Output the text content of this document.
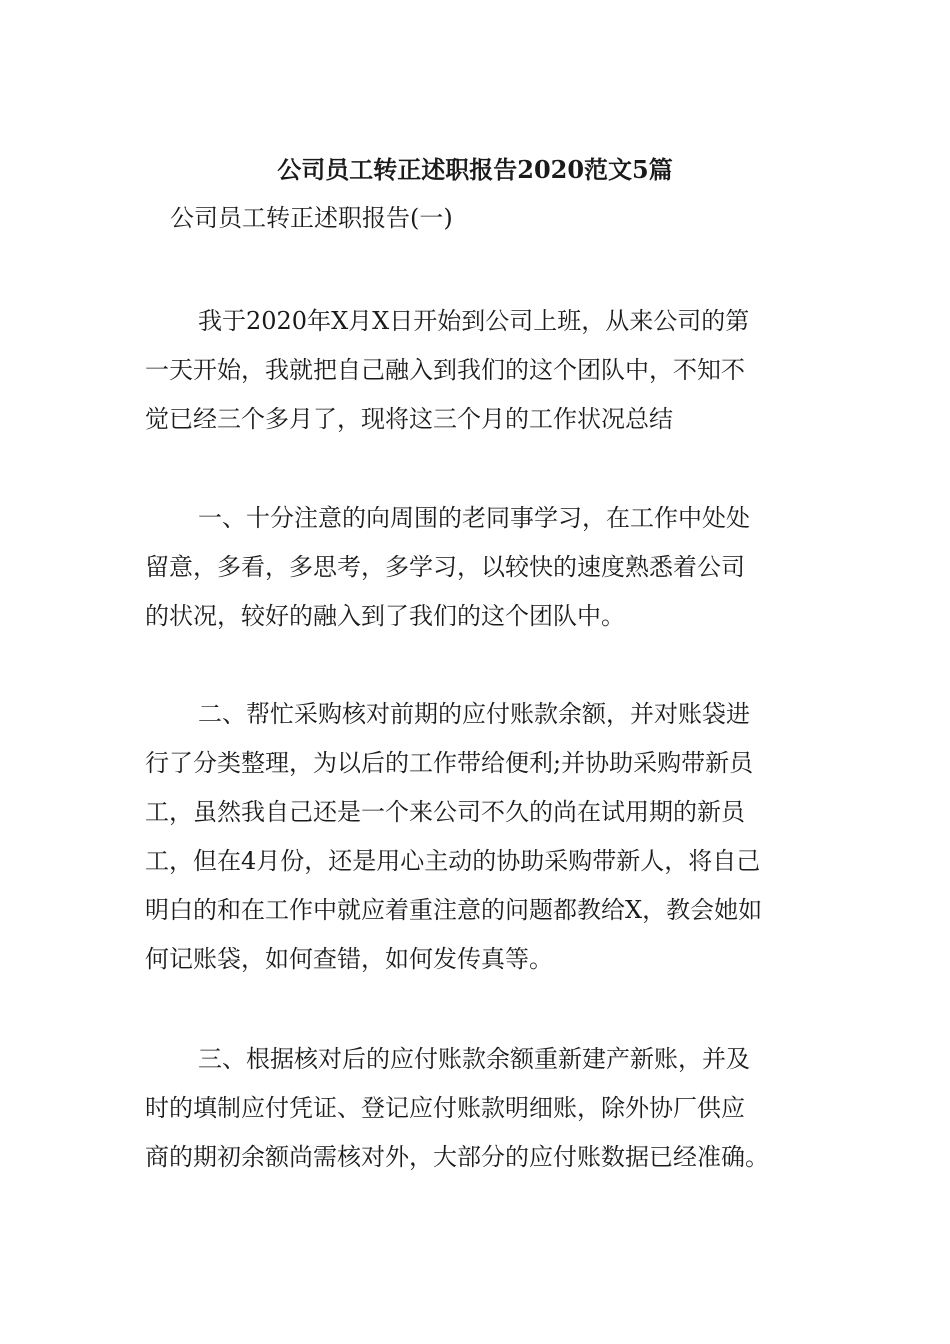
公司员工转正述职报告2020范文5篇

公司员工转正述职报告(一)

我于2020年X月X日开始到公司上班，从来公司的第
一天开始，我就把自己融入到我们的这个团队中，不知不
觉已经三个多月了，现将这三个月的工作状况总结
一、十分注意的向周围的老同事学习，在工作中处处
留意，多看，多思考，多学习，以较快的速度熟悉着公司
的状况，较好的融入到了我们的这个团队中。
二、帮忙采购核对前期的应付账款余额，并对账袋进
行了分类整理，为以后的工作带给便利;并协助采购带新员
工，虽然我自己还是一个来公司不久的尚在试用期的新员
工，但在4月份，还是用心主动的协助采购带新人，将自己
明白的和在工作中就应着重注意的问题都教给X，教会她如
何记账袋，如何查错，如何发传真等。
三、根据核对后的应付账款余额重新建产新账，并及
时的填制应付凭证、登记应付账款明细账，除外协厂供应
商的期初余额尚需核对外，大部分的应付账数据已经准确。
